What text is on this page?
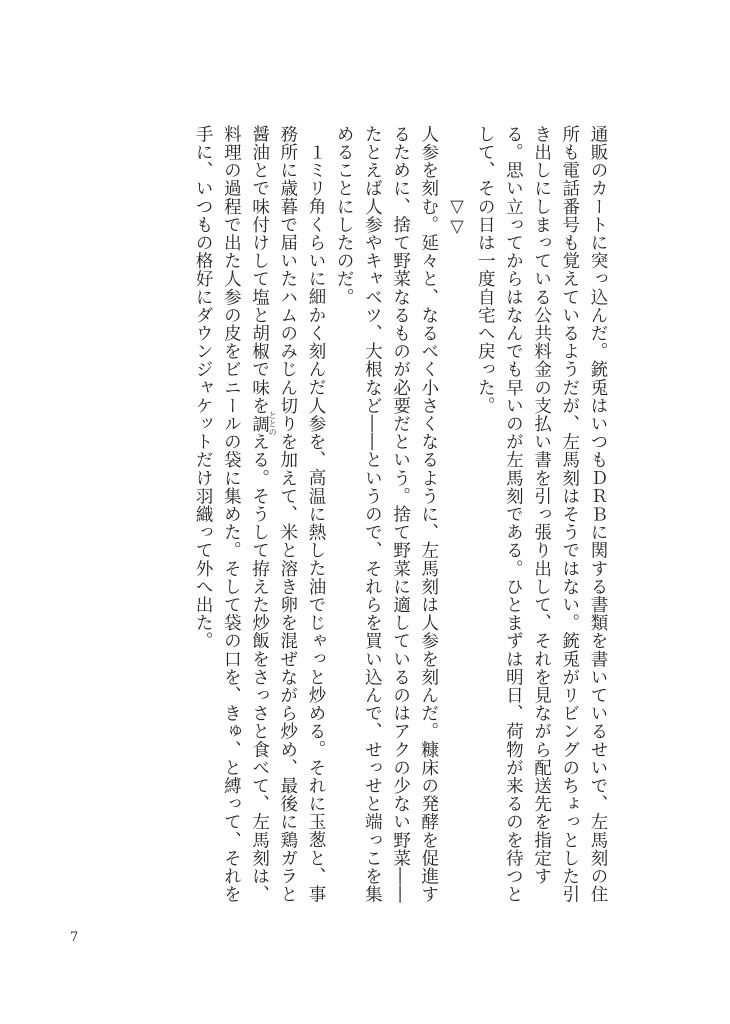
通販のカートに突っ込んだ。銃兎はいつもＤＲＢに関する書類を書いているせいで、左馬刻の住所も電話番号も覚えているようだが、左馬刻はそうではない。銃兎がリビングのちょっとした引き出しにしまっている公共料金の支払い書を引っ張り出して、それを見ながら配送先を指定する。思い立ってからはなんでも早いのが左馬刻である。ひとまずは明日、荷物が来るのを待つとして、その日は一度自宅へ戻った。

▽▽

人参を刻む。延々と、なるべく小さくなるように、左馬刻は人参を刻んだ。糠床の発酵を促進するために、捨て野菜なるものが必要だという。捨て野菜に適しているのはアクの少ない野菜――たとえば人参やキャベツ、大根など――というので、それらを買い込んで、せっせと端っこを集めることにしたのだ。

１ミリ角くらいに細かく刻んだ人参を、高温に熱した油でじゃっと炒める。それに玉葱と、事務所に歳暮で届いたハムのみじん切りを加えて、米と溶き卵を混ぜながら炒め、最後に鶏ガラと醤油とで味付けして塩と胡椒で味を調ととのえる。そうして拵えた炒飯をさっさと食べて、左馬刻は、料理の過程で出た人参の皮をビニールの袋に集めた。そして袋の口を、きゅ、と縛って、それを手に、いつもの格好にダウンジャケットだけ羽織って外へ出た。

7
